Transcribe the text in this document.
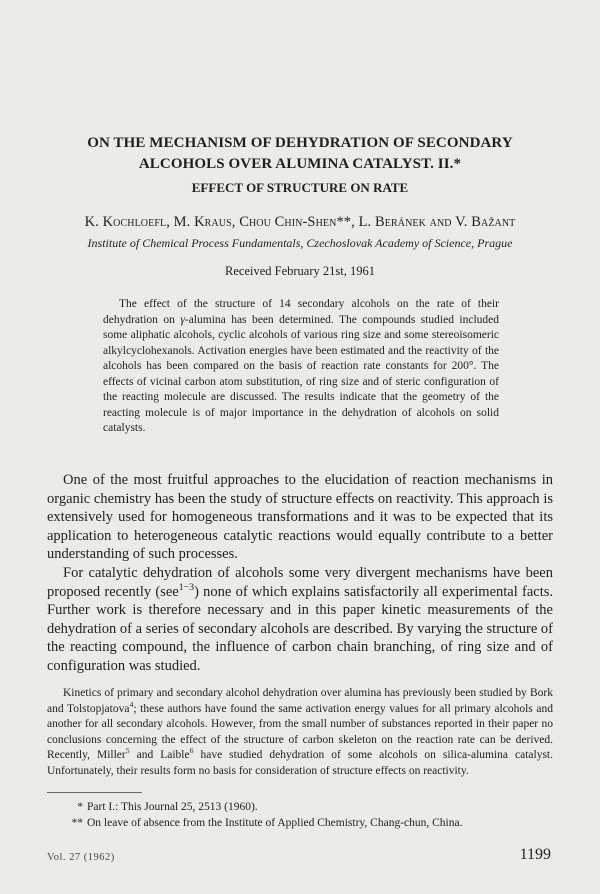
ON THE MECHANISM OF DEHYDRATION OF SECONDARY
ALCOHOLS OVER ALUMINA CATALYST. II.*
EFFECT OF STRUCTURE ON RATE
K. Kochloefl, M. Kraus, Chou Chin-Shen**, L. Beránek and V. Bažant
Institute of Chemical Process Fundamentals, Czechoslovak Academy of Science, Prague
Received February 21st, 1961

The effect of the structure of 14 secondary alcohols on the rate of their dehydration on γ-alumina has been determined. The compounds studied included some aliphatic alcohols, cyclic alcohols of various ring size and some stereoisomeric alkylcyclohexanols. Activation energies have been estimated and the reactivity of the alcohols has been compared on the basis of reaction rate constants for 200°. The effects of vicinal carbon atom substitution, of ring size and of steric configuration of the reacting molecule are discussed. The results indicate that the geometry of the reacting molecule is of major importance in the dehydration of alcohols on solid catalysts.

One of the most fruitful approaches to the elucidation of reaction mechanisms in organic chemistry has been the study of structure effects on reactivity. This approach is extensively used for homogeneous transformations and it was to be expected that its application to heterogeneous catalytic reactions would equally contribute to a better understanding of such processes.

For catalytic dehydration of alcohols some very divergent mechanisms have been proposed recently (see$^{1-3}$) none of which explains satisfactorily all experimental facts. Further work is therefore necessary and in this paper kinetic measurements of the dehydration of a series of secondary alcohols are described. By varying the structure of the reacting compound, the influence of carbon chain branching, of ring size and of configuration was studied.

Kinetics of primary and secondary alcohol dehydration over alumina has previously been studied by Bork and Tolstopjatova$^4$; these authors have found the same activation energy values for all primary alcohols and another for all secondary alcohols. However, from the small number of substances reported in their paper no conclusions concerning the effect of the structure of carbon skeleton on the reaction rate can be derived. Recently, Miller$^5$ and Laible$^6$ have studied dehydration of some alcohols on silica-alumina catalyst. Unfortunately, their results form no basis for consideration of structure effects on reactivity.

* Part I.: This Journal 25, 2513 (1960).

** On leave of absence from the Institute of Applied Chemistry, Chang-chun, China.

Vol. 27 (1962)	1199
